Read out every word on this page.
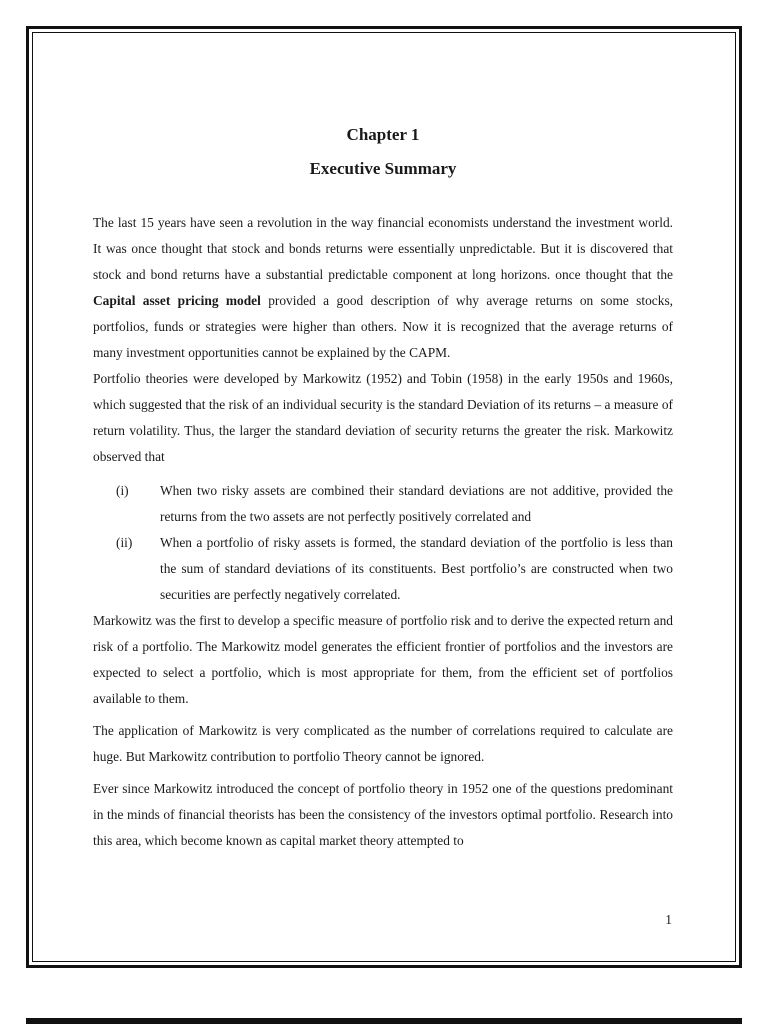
Chapter 1
Executive Summary

The last 15 years have seen a revolution in the way financial economists understand the investment world. It was once thought that stock and bonds returns were essentially unpredictable. But it is discovered that stock and bond returns have a substantial predictable component at long horizons. once thought that the Capital asset pricing model provided a good description of why average returns on some stocks, portfolios, funds or strategies were higher than others. Now it is recognized that the average returns of many investment opportunities cannot be explained by the CAPM.

Portfolio theories were developed by Markowitz (1952) and Tobin (1958) in the early 1950s and 1960s, which suggested that the risk of an individual security is the standard Deviation of its returns – a measure of return volatility. Thus, the larger the standard deviation of security returns the greater the risk. Markowitz observed that

(i) When two risky assets are combined their standard deviations are not additive, provided the returns from the two assets are not perfectly positively correlated and
(ii) When a portfolio of risky assets is formed, the standard deviation of the portfolio is less than the sum of standard deviations of its constituents. Best portfolio’s are constructed when two securities are perfectly negatively correlated.

Markowitz was the first to develop a specific measure of portfolio risk and to derive the expected return and risk of a portfolio. The Markowitz model generates the efficient frontier of portfolios and the investors are expected to select a portfolio, which is most appropriate for them, from the efficient set of portfolios available to them.

The application of Markowitz is very complicated as the number of correlations required to calculate are huge. But Markowitz contribution to portfolio Theory cannot be ignored.

Ever since Markowitz introduced the concept of portfolio theory in 1952 one of the questions predominant in the minds of financial theorists has been the consistency of the investors optimal portfolio. Research into this area, which become known as capital market theory attempted to

1
